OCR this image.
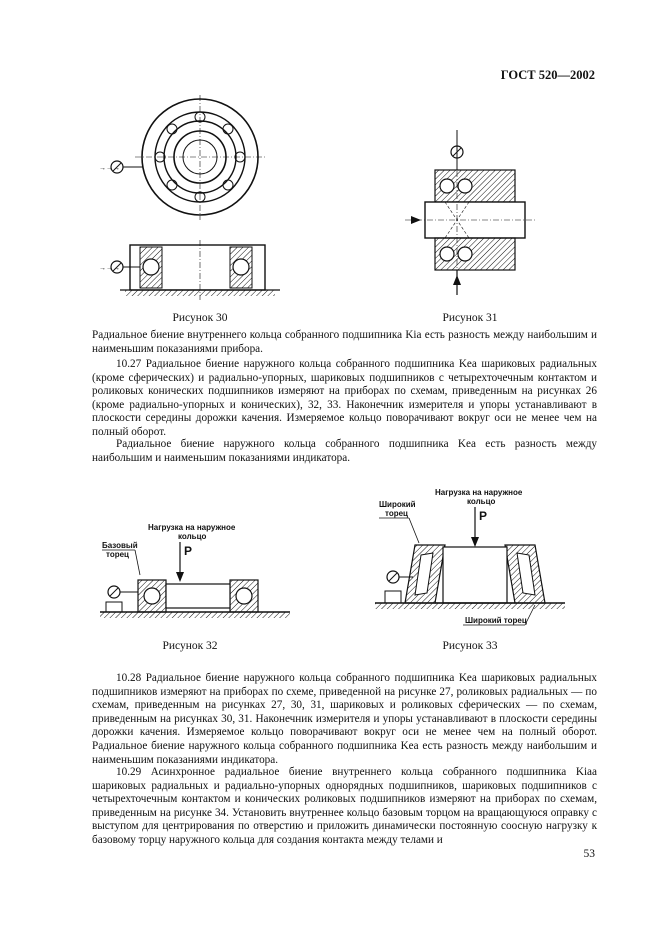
ГОСТ 520—2002
→→→
→→→
Рисунок 30	Рисунок 31

Радиальное биение внутреннего кольца собранного подшипника Kia есть разность между наибольшим и наименьшим показаниями прибора.

10.27 Радиальное биение наружного кольца собранного подшипника Kea шариковых радиальных (кроме сферических) и радиально-упорных, шариковых подшипников с четырехточечным контактом и роликовых конических подшипников измеряют на приборах по схемам, приведенным на рисунках 26 (кроме радиально-упорных и конических), 32, 33. Наконечник измерителя и упоры устанавливают в плоскости середины дорожки качения. Измеряемое кольцо поворачивают вокруг оси не менее чем на полный оборот.

Радиальное биение наружного кольца собранного подшипника Kea есть разность между наибольшим и наименьшим показаниями индикатора.

Нагрузка на наружное
кольцо
P
Базовый
торец
Рисунок 32
Нагрузка на наружное
кольцо
P
Широкий
торец
Широкий торец
Рисунок 33

10.28 Радиальное биение наружного кольца собранного подшипника Kea шариковых радиальных подшипников измеряют на приборах по схеме, приведенной на рисунке 27, роликовых радиальных — по схемам, приведенным на рисунках 27, 30, 31, шариковых и роликовых сферических — по схемам, приведенным на рисунках 30, 31. Наконечник измерителя и упоры устанавливают в плоскости середины дорожки качения. Измеряемое кольцо поворачивают вокруг оси не менее чем на полный оборот. Радиальное биение наружного кольца собранного подшипника Kea есть разность между наибольшим и наименьшим показаниями индикатора.

10.29 Асинхронное радиальное биение внутреннего кольца собранного подшипника Kiaa шариковых радиальных и радиально-упорных однорядных подшипников, шариковых подшипников с четырехточечным контактом и конических роликовых подшипников измеряют на приборах по схемам, приведенным на рисунке 34. Установить внутреннее кольцо базовым торцом на вращающуюся оправку с выступом для центрирования по отверстию и приложить динамически постоянную соосную нагрузку к базовому торцу наружного кольца для создания контакта между телами и

53
